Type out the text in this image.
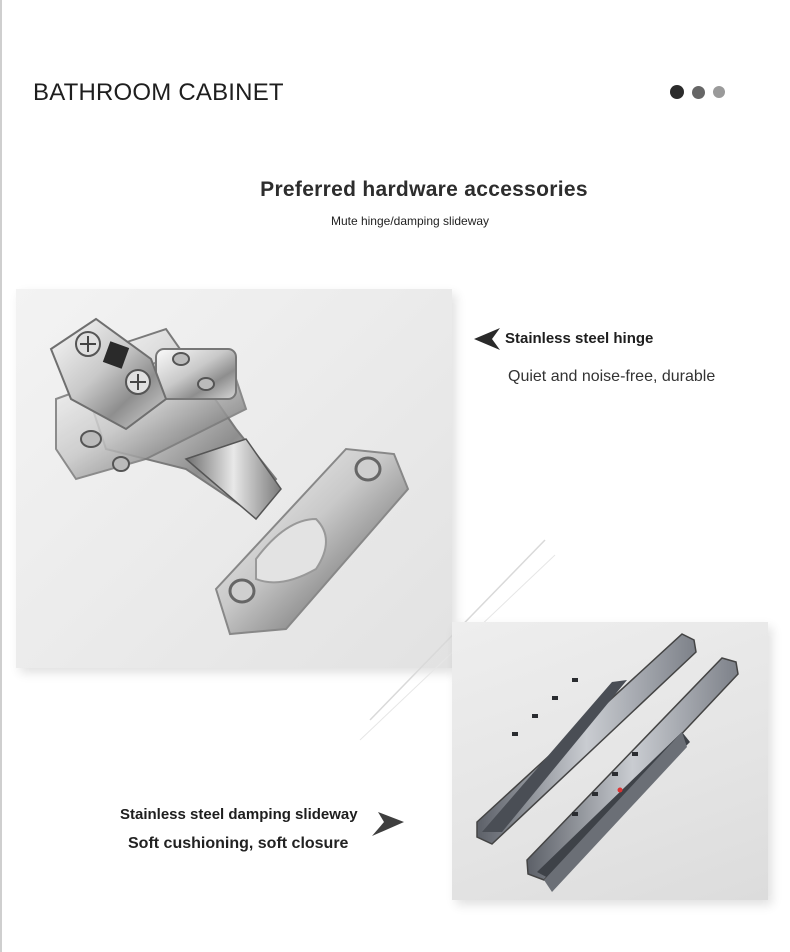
BATHROOM CABINET
Preferred hardware accessories
Mute hinge/damping slideway
Stainless steel hinge
Quiet and noise-free, durable
Stainless steel damping slideway
Soft cushioning, soft closure
